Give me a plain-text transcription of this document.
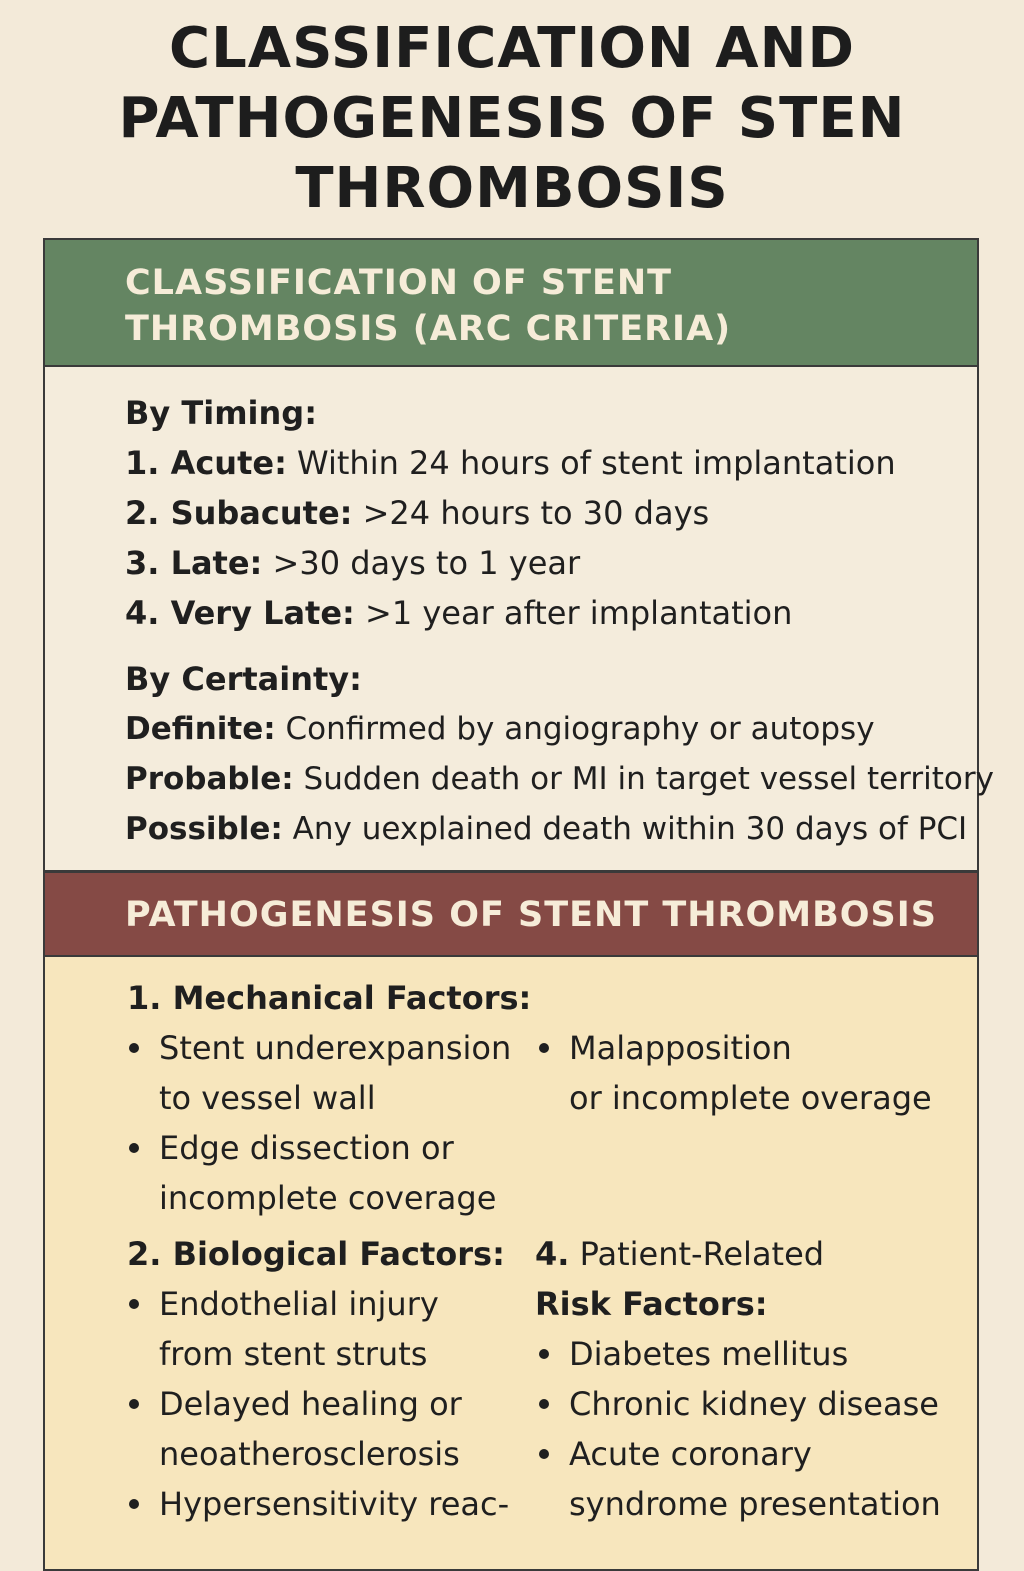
CLASSIFICATION AND
PATHOGENESIS OF STEN
THROMBOSIS
CLASSIFICATION OF STENT
THROMBOSIS (ARC CRITERIA)
By Timing:
1. Acute: Within 24 hours of stent implantation
2. Subacute: >24 hours to 30 days
3. Late: >30 days to 1 year
4. Very Late: >1 year after implantation
By Certainty:
Definite: Confirmed by angiography or autopsy
Probable: Sudden death or MI in target vessel territory
Possible: Any uexplained death within 30 days of PCI
PATHOGENESIS OF STENT THROMBOSIS
1. Mechanical Factors:
Stent underexpansion
to vessel wall
Edge dissection or
incomplete coverage
Malapposition
or incomplete overage
2. Biological Factors:
Endothelial injury
from stent struts
Delayed healing or
neoatherosclerosis
Hypersensitivity reac-
4. Patient-Related
Risk Factors:
Diabetes mellitus
Chronic kidney disease
Acute coronary
syndrome presentation
